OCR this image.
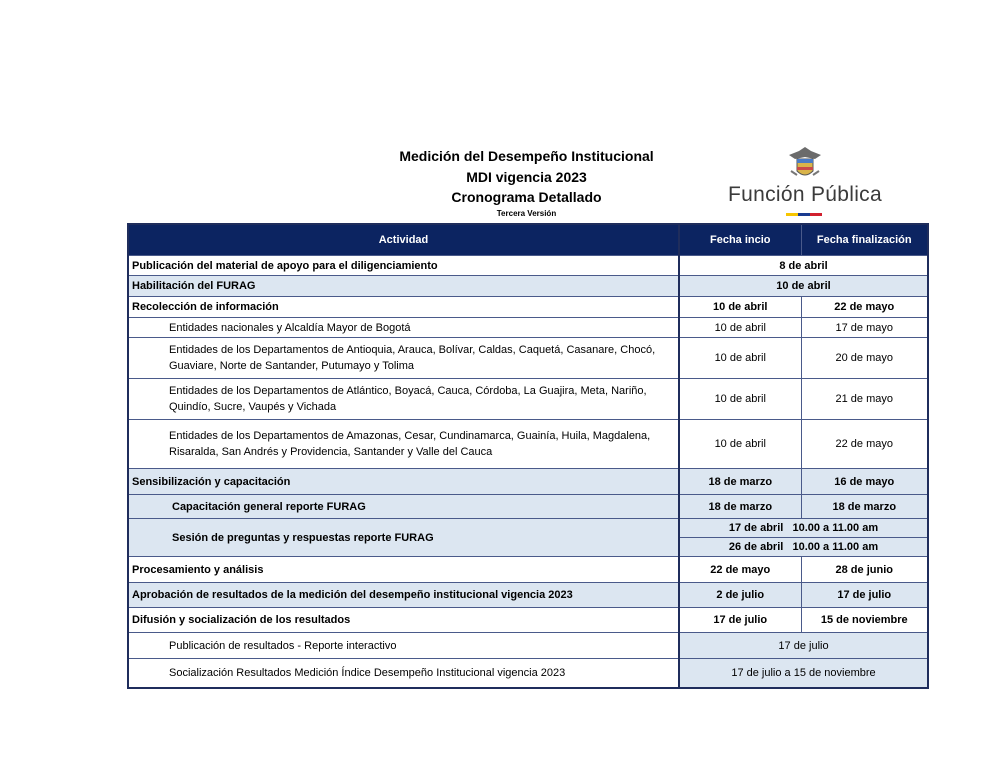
Medición del Desempeño Institucional
MDI vigencia 2023
Cronograma Detallado
Tercera Versión
Función Pública
Actividad	Fecha incio	Fecha finalización
Publicación del material de apoyo para el diligenciamiento	8 de abril	
Habilitación del FURAG	10 de abril	
Recolección de información	10 de abril	22 de mayo
Entidades nacionales y Alcaldía Mayor de Bogotá	10 de abril	17 de mayo

Entidades de los Departamentos de Antioquia, Arauca, Bolívar, Caldas, Caquetá, Casanare, Chocó,
Guaviare, Norte de Santander, Putumayo y Tolima	10 de abril	20 de mayo

Entidades de los Departamentos de Atlántico, Boyacá, Cauca, Córdoba, La Guajira, Meta, Nariño,
Quindío, Sucre, Vaupés y Vichada	10 de abril	21 de mayo

Entidades de los Departamentos de Amazonas, Cesar, Cundinamarca, Guainía, Huila, Magdalena,
Risaralda, San Andrés y Providencia, Santander y Valle del Cauca	10 de abril	22 de mayo
Sensibilización y capacitación	18 de marzo	16 de mayo
Capacitación general reporte FURAG	18 de marzo	18 de marzo
Sesión de preguntas y respuestas reporte FURAG	17 de abril   10.00 a 11.00 am	
	26 de abril   10.00 a 11.00 am	
Procesamiento y análisis	22 de mayo	28 de junio
Aprobación de resultados de la medición del desempeño institucional vigencia 2023	2 de julio	17 de julio
Difusión y socialización de los resultados	17 de julio	15 de noviembre
Publicación de resultados - Reporte interactivo	17 de julio	
Socialización Resultados Medición Índice Desempeño Institucional vigencia 2023	17 de julio a 15 de noviembre	
